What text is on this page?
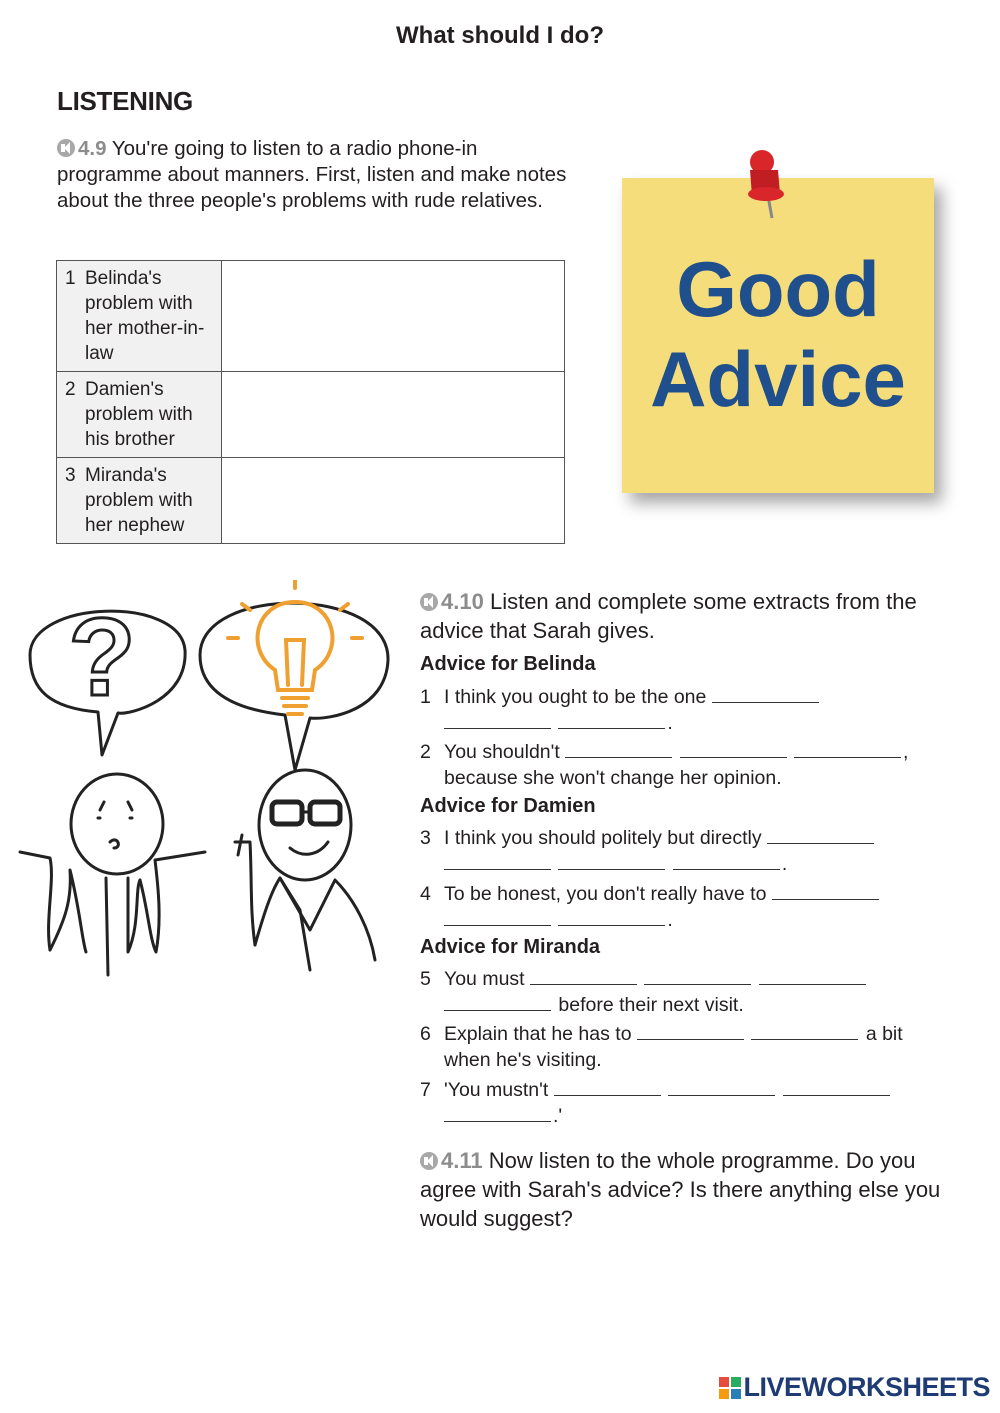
What should I do?
LISTENING
4.9 You're going to listen to a radio phone-in programme about manners. First, listen and make notes about the three people's problems with rude relatives.
1 Belinda's problem with her mother-in-law	
2 Damien's problem with his brother	
3 Miranda's problem with her nephew	
Good
Advice
?	4.10 Listen and complete some extracts from the advice that Sarah gives.
Advice for Belinda
1 I think you ought to be the one
.
2 You shouldn't	,
because she won't change her opinion.
Advice for Damien
3 I think you should politely but directly
.
4 To be honest, you don't really have to
.
Advice for Miranda
5 You must
before their next visit.
6 Explain that he has to	a bit
when he's visiting.
7 'You mustn't
.'
4.11 Now listen to the whole programme. Do you agree with Sarah's advice? Is there anything else you would suggest?
LIVEWORKSHEETS
